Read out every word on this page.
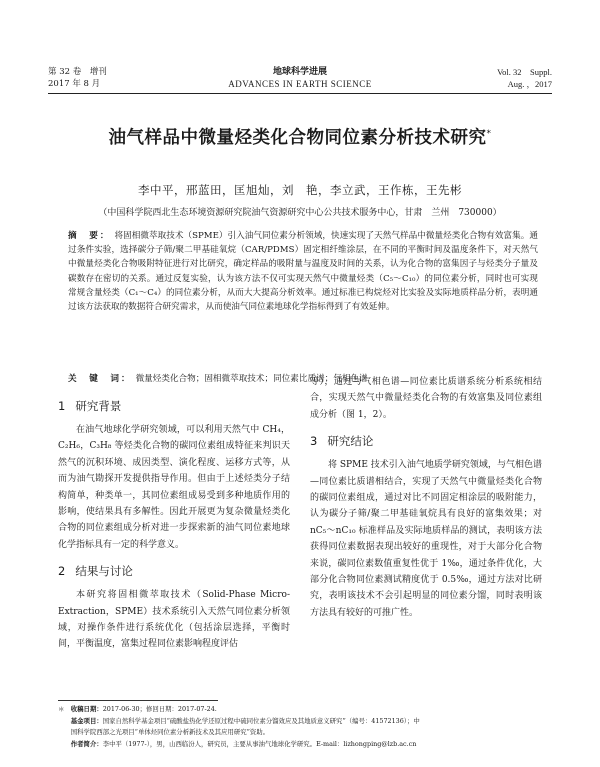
第 32 卷　增刊
2017 年 8 月
地球科学进展
ADVANCES IN EARTH SCIENCE
Vol. 32　Suppl.
Aug. ，2017
油气样品中微量烃类化合物同位素分析技术研究*
李中平，邢蓝田，匡旭灿，刘　艳，李立武，王作栋，王先彬
（中国科学院西北生态环境资源研究院油气资源研究中心公共技术服务中心，甘肃　兰州　730000）
摘　要： 将固相微萃取技术（SPME）引入油气同位素分析领域，快速实现了天然气样品中微量烃类化合物有效富集。通过条件实验，选择碳分子筛/聚二甲基硅氧烷（CAR/PDMS）固定相纤维涂层，在不同的平衡时间及温度条件下，对天然气中微量烃类化合物吸附特征进行对比研究，确定样品的吸附量与温度及时间的关系，认为化合物的富集因子与烃类分子量及碳数存在密切的关系。通过反复实验，认为该方法不仅可实现天然气中微量烃类（C₅～C₁₀）的同位素分析，同时也可实现常规含量烃类（C₁～C₄）的同位素分析，从而大大提高分析效率。通过标准已构烷烃对比实验及实际地质样品分析，表明通过该方法获取的数据符合研究需求，从而使油气同位素地球化学指标得到了有效延伸。
关　键　词： 微量烃类化合物；固相微萃取技术；同位素比质谱；气相色谱
1 研究背景

在油气地球化学研究领域，可以利用天然气中 CH₄，C₂H₆，C₃H₈ 等烃类化合物的碳同位素组成特征来判识天然气的沉积环境、成因类型、演化程度、运移方式等，从而为油气勘探开发提供指导作用。但由于上述烃类分子结构简单，种类单一，其同位素组成易受到多种地质作用的影响，使结果具有多解性。因此开展更为复杂微量烃类化合物的同位素组成分析对进一步探索新的油气同位素地球化学指标具有一定的科学意义。

2 结果与讨论

本研究将固相微萃取技术（Solid-Phase Micro-Extraction，SPME）技术系统引入天然气同位素分析领域，对操作条件进行系统优化（包括涂层选择，平衡时间，平衡温度，富集过程同位素影响程度评估

等），通过与气相色谱—同位素比质谱系统分析系统相结合，实现天然气中微量烃类化合物的有效富集及同位素组成分析（图 1，2）。

3 研究结论

将 SPME 技术引入油气地质学研究领域，与气相色谱—同位素比质谱相结合，实现了天然气中微量烃类化合物的碳同位素组成，通过对比不同固定相涂层的吸附能力，认为碳分子筛/聚二甲基硅氧烷具有良好的富集效果；对 nC₅～nC₁₀ 标准样品及实际地质样品的测试，表明该方法获得同位素数据表现出较好的重现性，对于大部分化合物来说，碳同位素数值重复性优于 1‰，通过条件优化，大部分化合物同位素测试精度优于 0.5‰，通过方法对比研究，表明该技术不会引起明显的同位素分馏，同时表明该方法具有较好的可推广性。

＊　收稿日期：2017-06-30；修回日期：2017-07-24.
　　基金项目：国家自然科学基金项目“硫酸盐热化学还原过程中硫同位素分馏效应及其地质意义研究”（编号：41572136）；中
　　国科学院西部之光项目“单体烃同位素分析新技术及其应用研究”资助。
　　作者简介：李中平（1977-），男，山西临汾人，研究员，主要从事油气地球化学研究。E-mail：lizhongping@lzb.ac.cn
